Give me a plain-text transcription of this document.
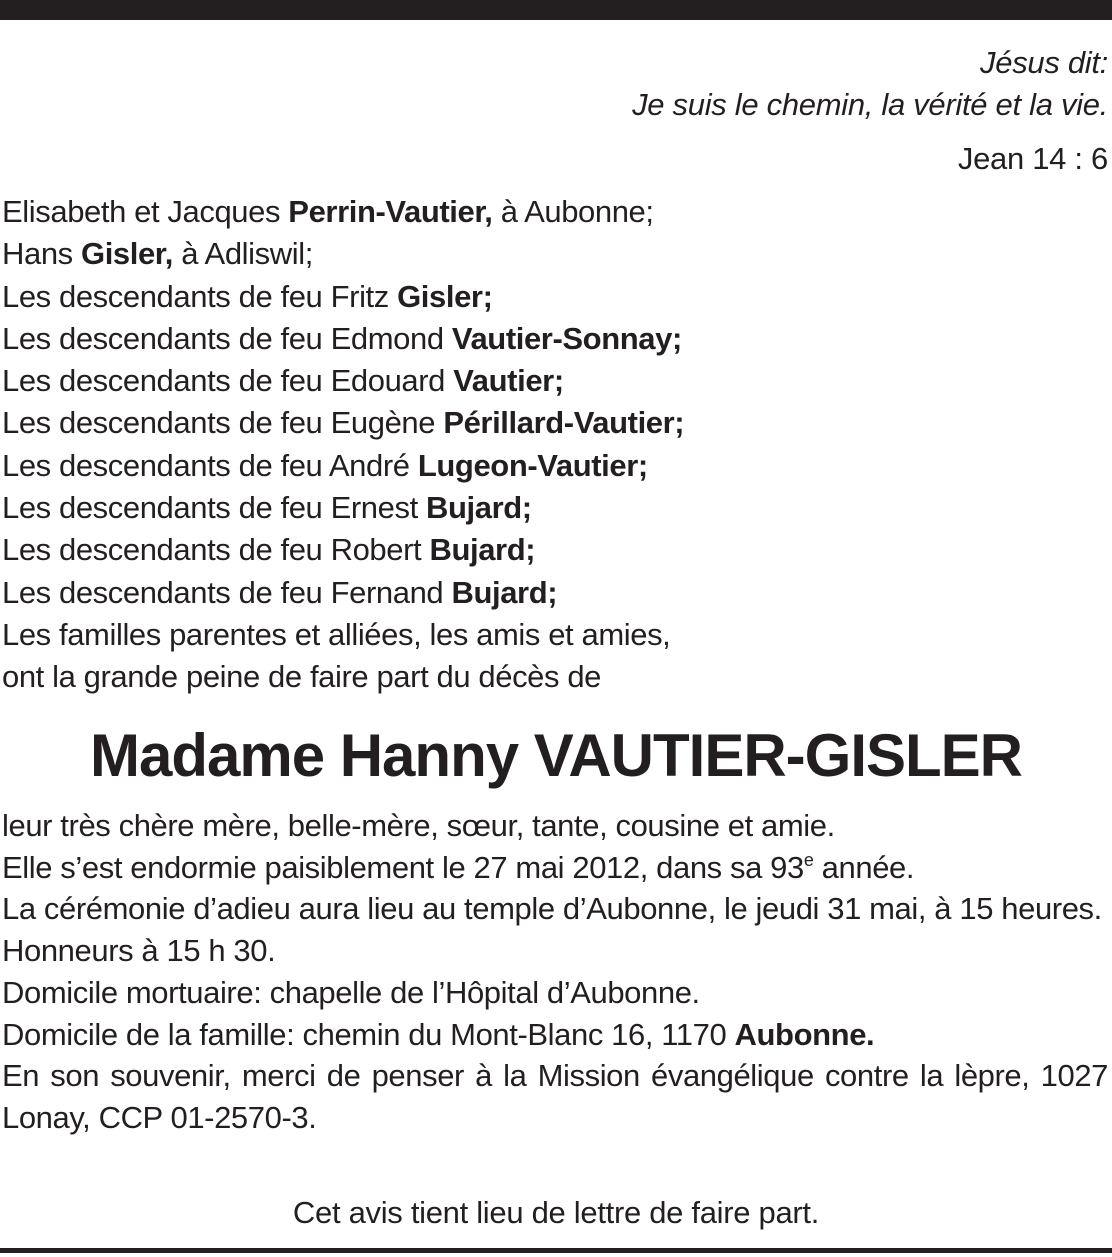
Jésus dit:
Je suis le chemin, la vérité et la vie.
Jean 14 : 6
Elisabeth et Jacques Perrin-Vautier, à Aubonne;
Hans Gisler, à Adliswil;
Les descendants de feu Fritz Gisler;
Les descendants de feu Edmond Vautier-Sonnay;
Les descendants de feu Edouard Vautier;
Les descendants de feu Eugène Périllard-Vautier;
Les descendants de feu André Lugeon-Vautier;
Les descendants de feu Ernest Bujard;
Les descendants de feu Robert Bujard;
Les descendants de feu Fernand Bujard;
Les familles parentes et alliées, les amis et amies,
ont la grande peine de faire part du décès de
Madame Hanny VAUTIER-GISLER
leur très chère mère, belle-mère, sœur, tante, cousine et amie.
Elle s’est endormie paisiblement le 27 mai 2012, dans sa 93e année.
La cérémonie d’adieu aura lieu au temple d’Aubonne, le jeudi 31 mai, à 15 heures.
Honneurs à 15 h 30.
Domicile mortuaire: chapelle de l’Hôpital d’Aubonne.
Domicile de la famille: chemin du Mont-Blanc 16, 1170 Aubonne.
En son souvenir, merci de penser à la Mission évangélique contre la lèpre, 1027 Lonay, CCP 01-2570-3.
Cet avis tient lieu de lettre de faire part.
